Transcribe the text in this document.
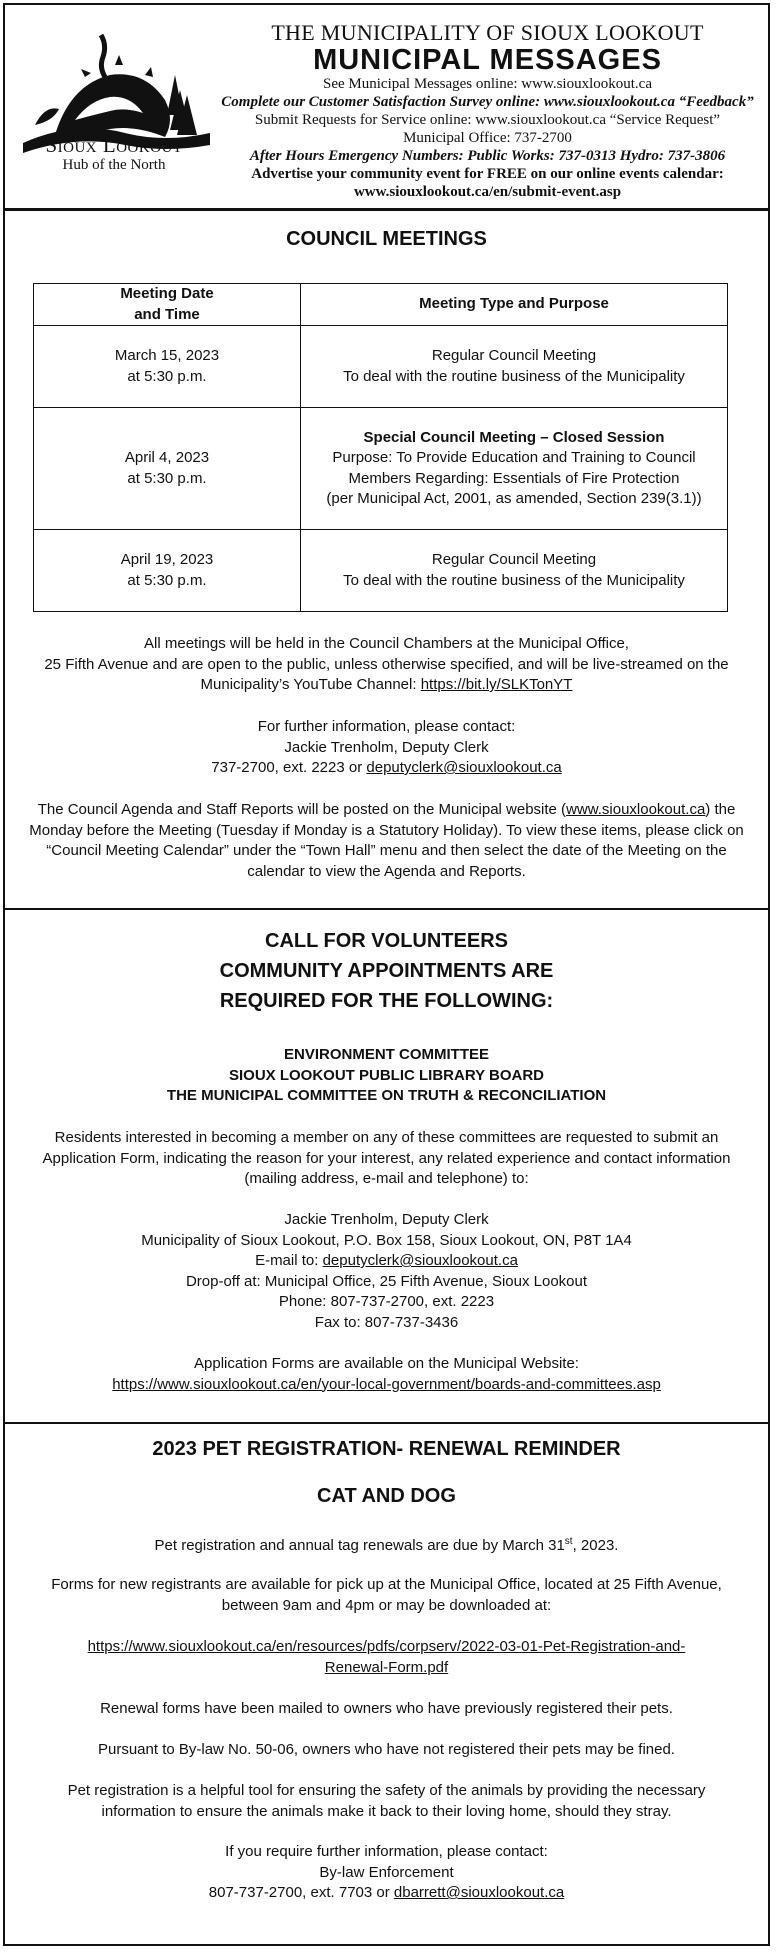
Sioux Lookout
Hub of the North
THE MUNICIPALITY OF SIOUX LOOKOUT
MUNICIPAL MESSAGES
See Municipal Messages online: www.siouxlookout.ca
Complete our Customer Satisfaction Survey online: www.siouxlookout.ca “Feedback”
Submit Requests for Service online: www.siouxlookout.ca “Service Request”
Municipal Office: 737-2700
After Hours Emergency Numbers: Public Works: 737-0313 Hydro: 737-3806
Advertise your community event for FREE on our online events calendar:
www.siouxlookout.ca/en/submit-event.asp
COUNCIL MEETINGS
Meeting Date
and Time	Meeting Type and Purpose
March 15, 2023
at 5:30 p.m.	Regular Council Meeting
To deal with the routine business of the Municipality
April 4, 2023
at 5:30 p.m.	Special Council Meeting – Closed Session
Purpose: To Provide Education and Training to Council
Members Regarding: Essentials of Fire Protection
(per Municipal Act, 2001, as amended, Section 239(3.1))
April 19, 2023
at 5:30 p.m.	Regular Council Meeting
To deal with the routine business of the Municipality

All meetings will be held in the Council Chambers at the Municipal Office,

25 Fifth Avenue and are open to the public, unless otherwise specified, and will be live-streamed on the

Municipality’s YouTube Channel: https://bit.ly/SLKTonYT

For further information, please contact:

Jackie Trenholm, Deputy Clerk

737-2700, ext. 2223 or deputyclerk@siouxlookout.ca

The Council Agenda and Staff Reports will be posted on the Municipal website (www.siouxlookout.ca) the

Monday before the Meeting (Tuesday if Monday is a Statutory Holiday). To view these items, please click on

“Council Meeting Calendar” under the “Town Hall” menu and then select the date of the Meeting on the

calendar to view the Agenda and Reports.

CALL FOR VOLUNTEERS
COMMUNITY APPOINTMENTS ARE
REQUIRED FOR THE FOLLOWING:

ENVIRONMENT COMMITTEE

SIOUX LOOKOUT PUBLIC LIBRARY BOARD

THE MUNICIPAL COMMITTEE ON TRUTH & RECONCILIATION

Residents interested in becoming a member on any of these committees are requested to submit an

Application Form, indicating the reason for your interest, any related experience and contact information

(mailing address, e-mail and telephone) to:

Jackie Trenholm, Deputy Clerk

Municipality of Sioux Lookout, P.O. Box 158, Sioux Lookout, ON, P8T 1A4

E-mail to: deputyclerk@siouxlookout.ca

Drop-off at: Municipal Office, 25 Fifth Avenue, Sioux Lookout

Phone: 807-737-2700, ext. 2223

Fax to: 807-737-3436

Application Forms are available on the Municipal Website:

https://www.siouxlookout.ca/en/your-local-government/boards-and-committees.asp

2023 PET REGISTRATION- RENEWAL REMINDER
CAT AND DOG

Pet registration and annual tag renewals are due by March 31st, 2023.

Forms for new registrants are available for pick up at the Municipal Office, located at 25 Fifth Avenue,

between 9am and 4pm or may be downloaded at:

https://www.siouxlookout.ca/en/resources/pdfs/corpserv/2022-03-01-Pet-Registration-and-

Renewal-Form.pdf

Renewal forms have been mailed to owners who have previously registered their pets.

Pursuant to By-law No. 50-06, owners who have not registered their pets may be fined.

Pet registration is a helpful tool for ensuring the safety of the animals by providing the necessary

information to ensure the animals make it back to their loving home, should they stray.

If you require further information, please contact:

By-law Enforcement

807-737-2700, ext. 7703 or dbarrett@siouxlookout.ca
